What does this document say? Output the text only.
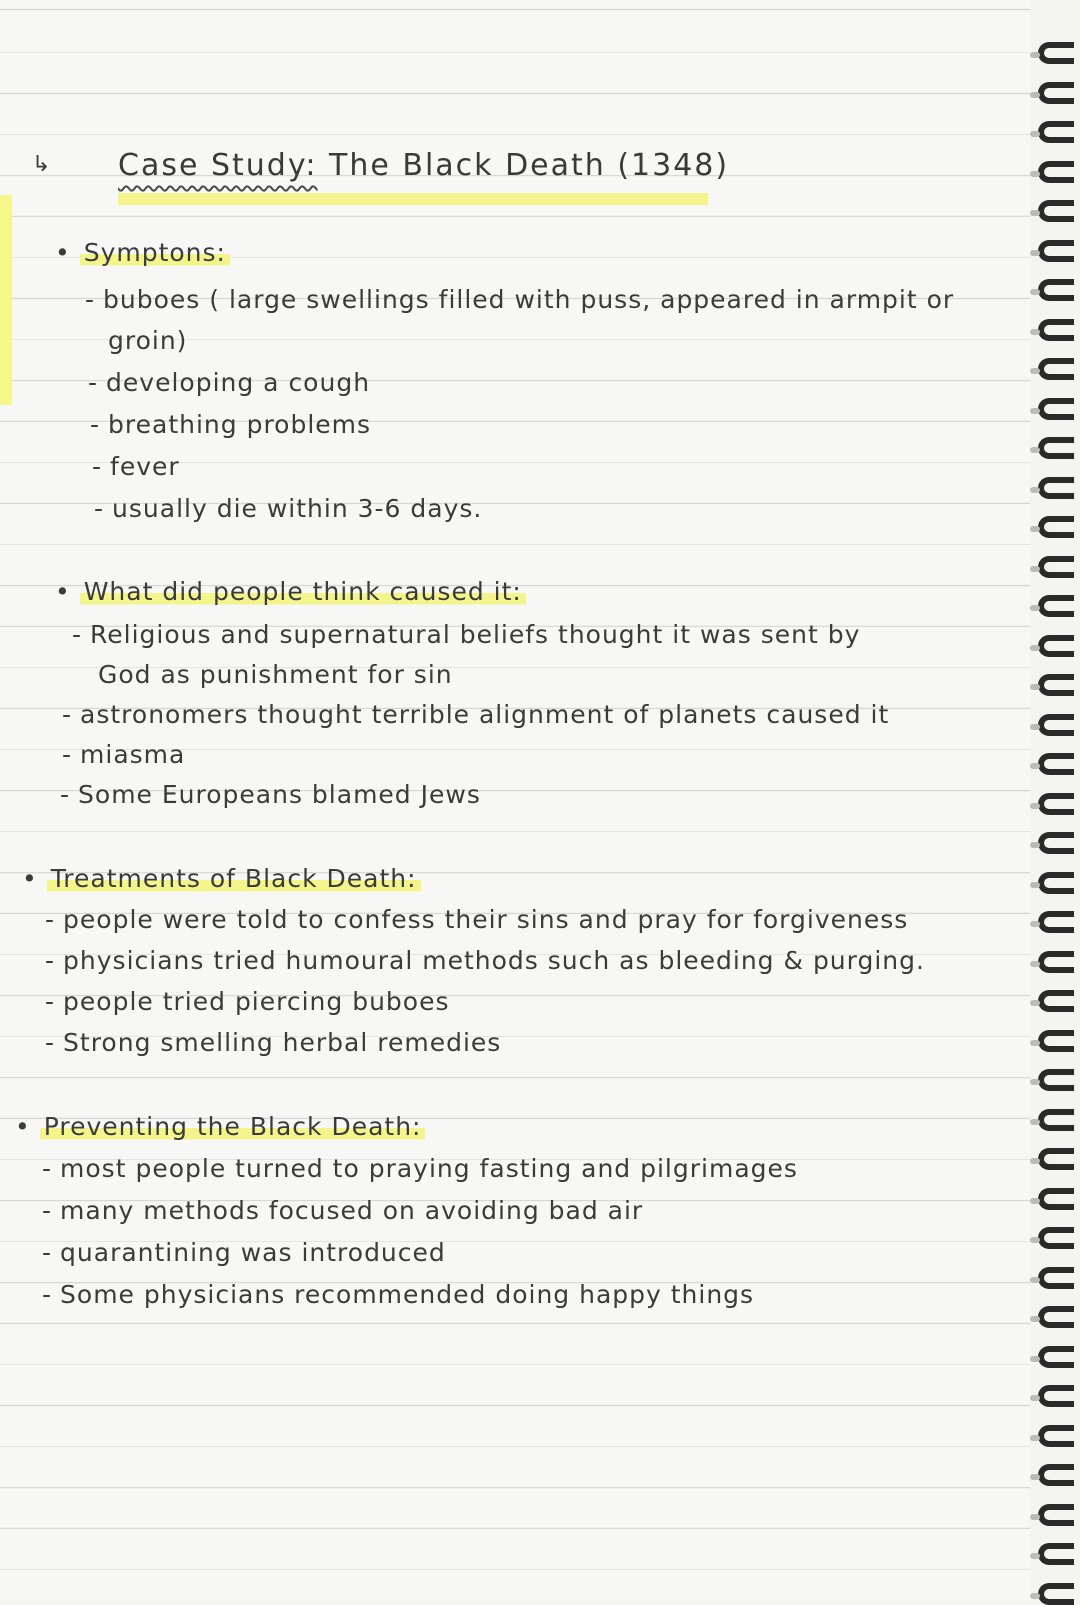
↳ Case Study: The Black Death (1348)
• Symptons:
- buboes ( large swellings filled with puss, appeared in armpit or
groin)
- developing a cough
- breathing problems
- fever
- usually die within 3-6 days.
• What did people think caused it:
- Religious and supernatural beliefs thought it was sent by
God as punishment for sin
- astronomers thought terrible alignment of planets caused it
- miasma
- Some Europeans blamed Jews
• Treatments of Black Death:
- people were told to confess their sins and pray for forgiveness
- physicians tried humoural methods such as bleeding & purging.
- people tried piercing buboes
- Strong smelling herbal remedies
• Preventing the Black Death:
- most people turned to praying fasting and pilgrimages
- many methods focused on avoiding bad air
- quarantining was introduced
- Some physicians recommended doing happy things
